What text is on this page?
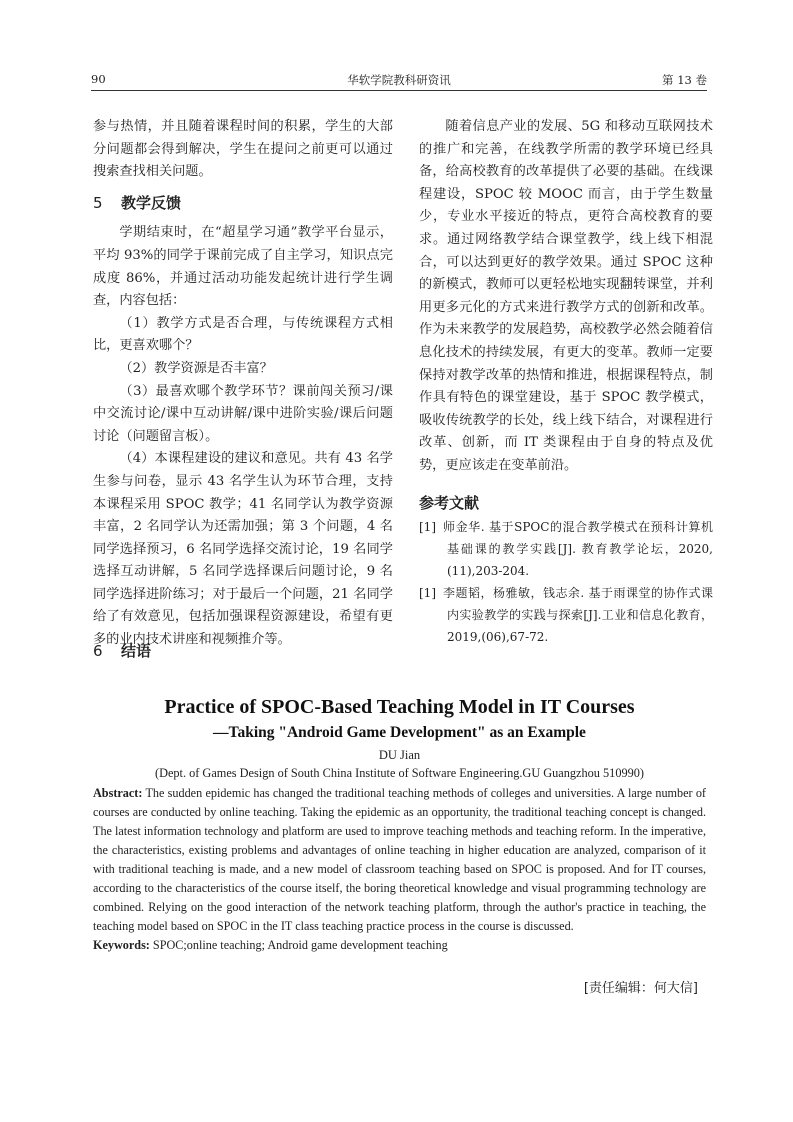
90	华软学院教科研资讯	第 13 卷

参与热情，并且随着课程时间的积累，学生的大部分问题都会得到解决，学生在提问之前更可以通过搜索查找相关问题。

5 教学反馈

学期结束时，在“超星学习通”教学平台显示，平均 93%的同学于课前完成了自主学习，知识点完成度 86%，并通过活动功能发起统计进行学生调查，内容包括：

（1）教学方式是否合理，与传统课程方式相比，更喜欢哪个？

（2）教学资源是否丰富？

（3）最喜欢哪个教学环节？课前闯关预习/课中交流讨论/课中互动讲解/课中进阶实验/课后问题讨论（问题留言板）。

（4）本课程建设的建议和意见。共有 43 名学生参与问卷，显示 43 名学生认为环节合理，支持本课程采用 SPOC 教学；41 名同学认为教学资源丰富，2 名同学认为还需加强；第 3 个问题，4 名同学选择预习，6 名同学选择交流讨论，19 名同学选择互动讲解，5 名同学选择课后问题讨论，9 名同学选择进阶练习；对于最后一个问题，21 名同学给了有效意见，包括加强课程资源建设，希望有更多的业内技术讲座和视频推介等。

6 结语

随着信息产业的发展、5G 和移动互联网技术的推广和完善，在线教学所需的教学环境已经具备，给高校教育的改革提供了必要的基础。在线课程建设，SPOC 较 MOOC 而言，由于学生数量少，专业水平接近的特点，更符合高校教育的要求。通过网络教学结合课堂教学，线上线下相混合，可以达到更好的教学效果。通过 SPOC 这种的新模式，教师可以更轻松地实现翻转课堂，并利用更多元化的方式来进行教学方式的创新和改革。作为未来教学的发展趋势，高校教学必然会随着信息化技术的持续发展，有更大的变革。教师一定要保持对教学改革的热情和推进，根据课程特点，制作具有特色的课堂建设，基于 SPOC 教学模式，吸收传统教学的长处，线上线下结合，对课程进行改革、创新，而 IT 类课程由于自身的特点及优势，更应该走在变革前沿。

参考文献
[1] 师金华. 基于SPOC的混合教学模式在预科计算机基础课的教学实践[J]. 教育教学论坛，2020,(11),203-204.
[1] 李题韬，杨雅敏，钱志余. 基于雨课堂的协作式课内实验教学的实践与探索[J].工业和信息化教育，2019,(06),67-72.
Practice of SPOC-Based Teaching Model in IT Courses
—Taking "Android Game Development" as an Example
DU Jian
(Dept. of Games Design of South China Institute of Software Engineering.GU Guangzhou 510990)
Abstract: The sudden epidemic has changed the traditional teaching methods of colleges and universities. A large number of courses are conducted by online teaching. Taking the epidemic as an opportunity, the traditional teaching concept is changed. The latest information technology and platform are used to improve teaching methods and teaching reform. In the imperative, the characteristics, existing problems and advantages of online teaching in higher education are analyzed, comparison of it with traditional teaching is made, and a new model of classroom teaching based on SPOC is proposed. And for IT courses, according to the characteristics of the course itself, the boring theoretical knowledge and visual programming technology are combined. Relying on the good interaction of the network teaching platform, through the author's practice in teaching, the teaching model based on SPOC in the IT class teaching practice process in the course is discussed.
Keywords: SPOC;online teaching; Android game development teaching
[责任编辑：何大信]
